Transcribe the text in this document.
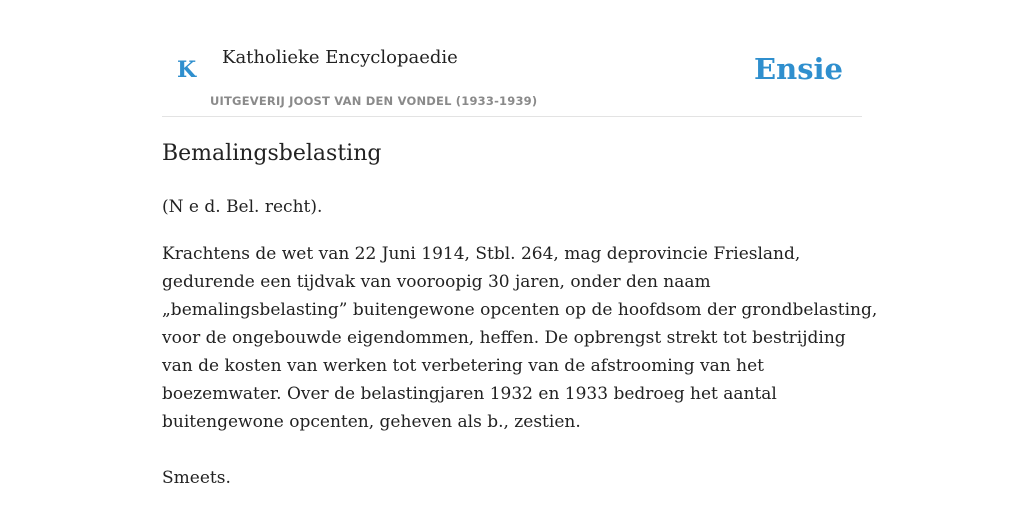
K Katholieke Encyclopaedie
UITGEVERIJ JOOST VAN DEN VONDEL (1933-1939)
Ensie
Bemalingsbelasting

(N e d. Bel. recht).

Krachtens de wet van 22 Juni 1914, Stbl. 264, mag deprovincie Friesland,
gedurende een tijdvak van vooroopig 30 jaren, onder den naam
„bemalingsbelasting” buitengewone opcenten op de hoofdsom der grondbelasting,
voor de ongebouwde eigendommen, heffen. De opbrengst strekt tot bestrijding
van de kosten van werken tot verbetering van de afstrooming van het
boezemwater. Over de belastingjaren 1932 en 1933 bedroeg het aantal
buitengewone opcenten, geheven als b., zestien.

Smeets.
